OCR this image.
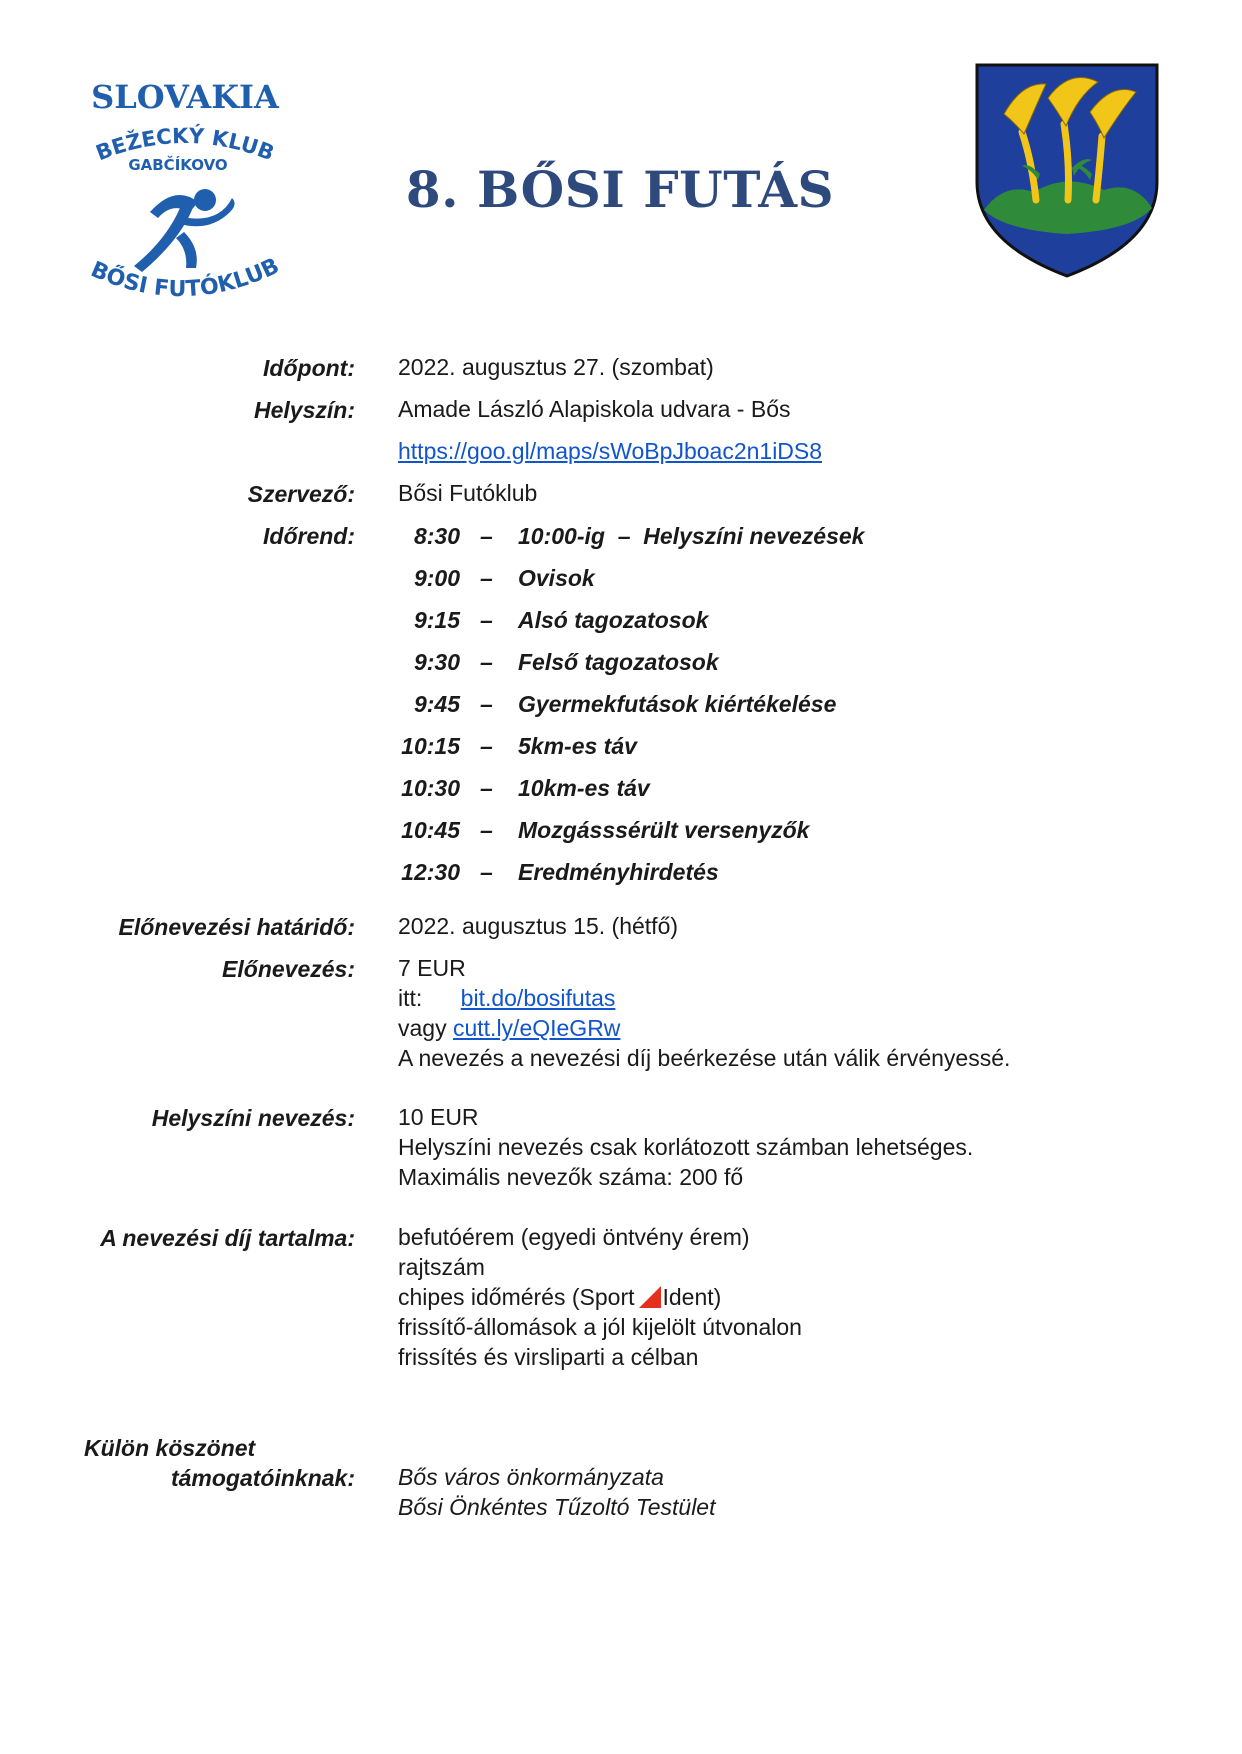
SLOVAKIA
BEŽECKÝ KLUB
GABČÍKOVO
BŐSI FUTÓKLUB
8. BŐSI FUTÁS
Időpont: 2022. augusztus 27. (szombat)
Helyszín: Amade László Alapiskola udvara - Bős
https://goo.gl/maps/sWoBpJboac2n1iDS8
Szervező: Bősi Futóklub
Időrend:	8:30 – 10:00-ig  –  Helyszíni nevezések
9:00 – Ovisok
9:15 – Alsó tagozatosok
9:30 – Felső tagozatosok
9:45 – Gyermekfutások kiértékelése
10:15 – 5km-es táv
10:30 – 10km-es táv
10:45 – Mozgásssérült versenyzők
12:30 – Eredményhirdetés
Előnevezési határidő: 2022. augusztus 15. (hétfő)
Előnevezés: 7 EUR
itt: bit.do/bosifutas
vagy cutt.ly/eQIeGRw
A nevezés a nevezési díj beérkezése után válik érvényessé.
Helyszíni nevezés: 10 EUR
Helyszíni nevezés csak korlátozott számban lehetséges.
Maximális nevezők száma: 200 fő
A nevezési díj tartalma: befutóérem (egyedi öntvény érem)
rajtszám
chipes időmérés (Sport Ident)
frissítő-állomások a jól kijelölt útvonalon
frissítés és virsliparti a célban
Külön köszönet
támogatóinknak: Bős város önkormányzata
Bősi Önkéntes Tűzoltó Testület
